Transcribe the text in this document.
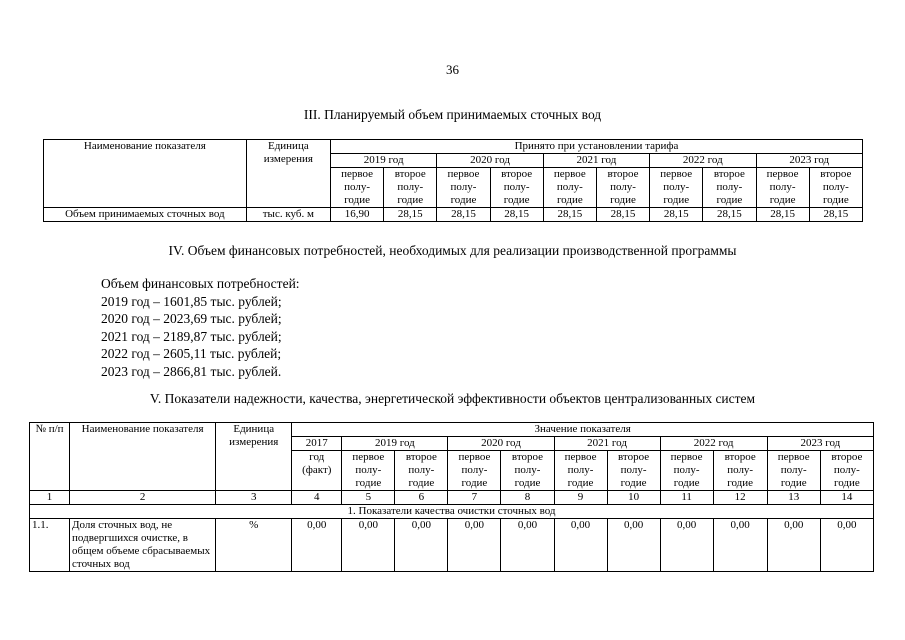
36
III. Планируемый объем принимаемых сточных вод
Наименование показателя	Единица измерения	Принято при установлении тарифа									
		2019 год		2020 год		2021 год		2022 год		2023 год	
		первое полу-годие	второе полу-годие	первое полу-годие	второе полу-годие	первое полу-годие	второе полу-годие	первое полу-годие	второе полу-годие	первое полу-годие	второе полу-годие
Объем принимаемых сточных вод	тыс. куб. м	16,90	28,15	28,15	28,15	28,15	28,15	28,15	28,15	28,15	28,15
IV. Объем финансовых потребностей, необходимых для реализации производственной программы
Объем финансовых потребностей:
2019 год – 1601,85 тыс. рублей;
2020 год – 2023,69 тыс. рублей;
2021 год – 2189,87 тыс. рублей;
2022 год – 2605,11 тыс. рублей;
2023 год – 2866,81 тыс. рублей.
V. Показатели надежности, качества, энергетической эффективности объектов централизованных систем
№ п/п	Наименование показателя	Единица измерения	Значение показателя										
			2017	2019 год		2020 год		2021 год		2022 год		2023 год	
			год (факт)	первое полу-годие	второе полу-годие	первое полу-годие	второе полу-годие	первое полу-годие	второе полу-годие	первое полу-годие	второе полу-годие	первое полу-годие	второе полу-годие
1	2	3	4	5	6	7	8	9	10	11	12	13	14
1. Показатели качества очистки сточных вод													
1.1.	Доля сточных вод, не подвергшихся очистке, в общем объеме сбрасываемых сточных вод	%	0,00	0,00	0,00	0,00	0,00	0,00	0,00	0,00	0,00	0,00	0,00
